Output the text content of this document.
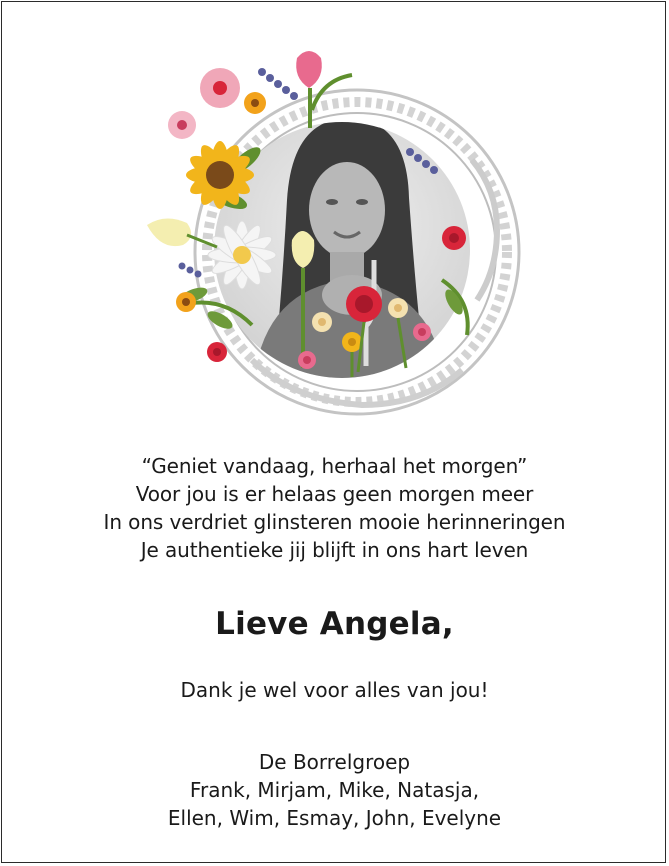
“Geniet vandaag, herhaal het morgen”
Voor jou is er helaas geen morgen meer
In ons verdriet glinsteren mooie herinneringen
Je authentieke jij blijft in ons hart leven
Lieve Angela,
Dank je wel voor alles van jou!
De Borrelgroep
Frank, Mirjam, Mike, Natasja,
Ellen, Wim, Esmay, John, Evelyne
